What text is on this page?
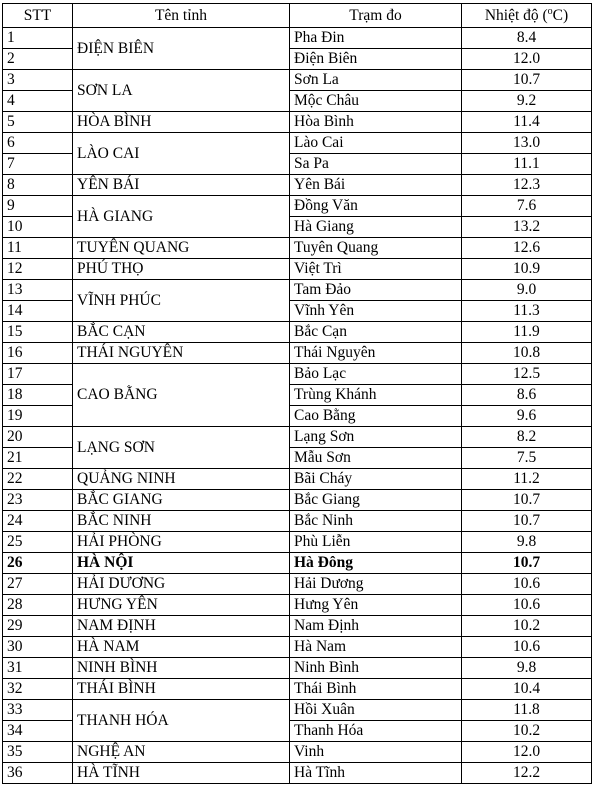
STT	Tên tỉnh	Trạm đo	Nhiệt độ ($^o$C)
1	ĐIỆN BIÊN	Pha Đin	8.4
2		Điện Biên	12.0
3	SƠN LA	Sơn La	10.7
4		Mộc Châu	9.2
5	HÒA BÌNH	Hòa Bình	11.4
6	LÀO CAI	Lào Cai	13.0
7		Sa Pa	11.1
8	YÊN BÁI	Yên Bái	12.3
9	HÀ GIANG	Đồng Văn	7.6
10		Hà Giang	13.2
11	TUYÊN QUANG	Tuyên Quang	12.6
12	PHÚ THỌ	Việt Trì	10.9
13	VĨNH PHÚC	Tam Đảo	9.0
14		Vĩnh Yên	11.3
15	BẮC CẠN	Bắc Cạn	11.9
16	THÁI NGUYÊN	Thái Nguyên	10.8
17	CAO BẰNG	Bảo Lạc	12.5
18		Trùng Khánh	8.6
19		Cao Bằng	9.6
20	LẠNG SƠN	Lạng Sơn	8.2
21		Mẫu Sơn	7.5
22	QUẢNG NINH	Bãi Cháy	11.2
23	BẮC GIANG	Bắc Giang	10.7
24	BẮC NINH	Bắc Ninh	10.7
25	HẢI PHÒNG	Phù Liễn	9.8
26	HÀ NỘI	Hà Đông	10.7
27	HẢI DƯƠNG	Hải Dương	10.6
28	HƯNG YÊN	Hưng Yên	10.6
29	NAM ĐỊNH	Nam Định	10.2
30	HÀ NAM	Hà Nam	10.6
31	NINH BÌNH	Ninh Bình	9.8
32	THÁI BÌNH	Thái Bình	10.4
33	THANH HÓA	Hồi Xuân	11.8
34		Thanh Hóa	10.2
35	NGHỆ AN	Vinh	12.0
36	HÀ TĨNH	Hà Tĩnh	12.2
